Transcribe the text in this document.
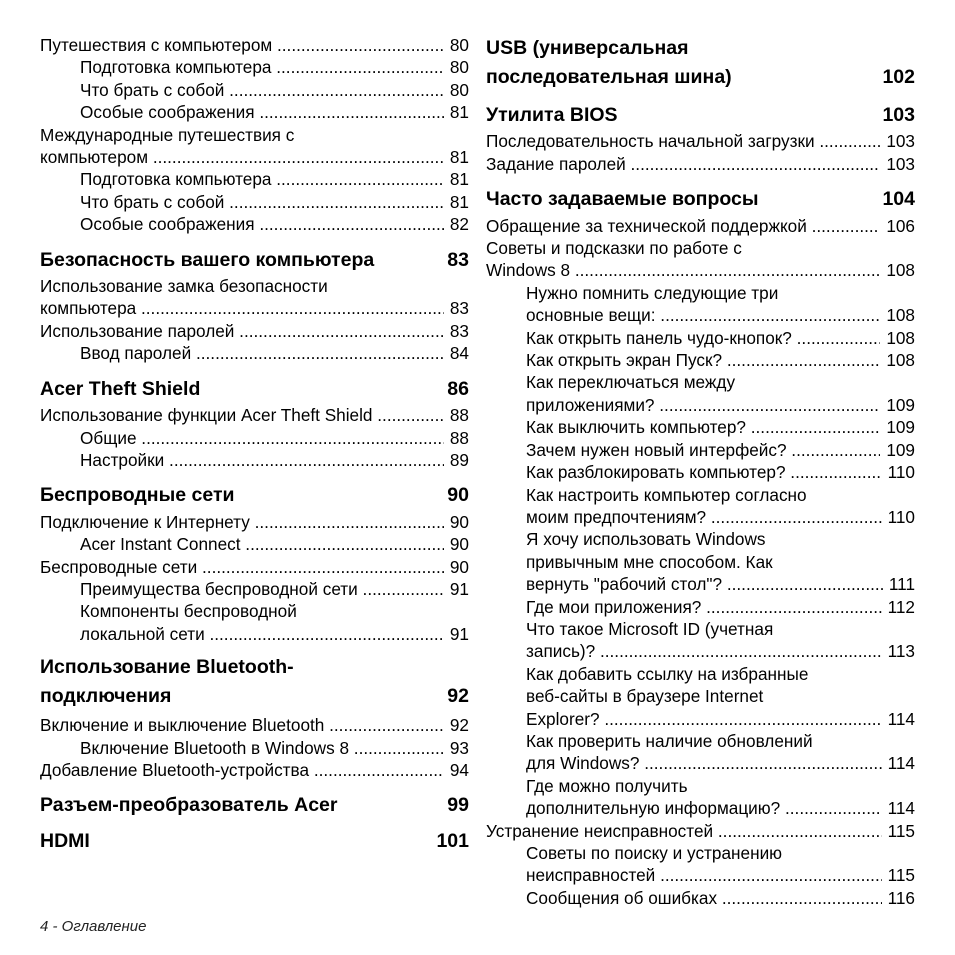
Путешествия с компьютером .....	80
Подготовка компьютера .....	80
Что брать с собой .....	80
Особые соображения .....	81
Международные путешествия с
компьютером .....	81
Подготовка компьютера .....	81
Что брать с собой .....	81
Особые соображения .....	82
Безопасность вашего компьютера	83
Использование замка безопасности
компьютера .....	83
Использование паролей .....	83
Ввод паролей .....	84
Acer Theft Shield	86
Использование функции Acer Theft Shield .....	88
Общие .....	88
Настройки .....	89
Беспроводные сети	90
Подключение к Интернету .....	90
Acer Instant Connect .....	90
Беспроводные сети .....	90
Преимущества беспроводной сети .....	91
Компоненты беспроводной
локальной сети .....	91
Использование Bluetooth-
подключения	92
Включение и выключение Bluetooth .....	92
Включение Bluetooth в Windows 8 .....	93
Добавление Bluetooth-устройства .....	94
Разъем-преобразователь Acer	99
HDMI	101
USB (универсальная
последовательная шина)	102
Утилита BIOS	103
Последовательность начальной загрузки .....	103
Задание паролей .....	103
Часто задаваемые вопросы	104
Обращение за технической поддержкой .....	106
Советы и подсказки по работе с
Windows 8 .....	108
Нужно помнить следующие три
основные вещи: .....	108
Как открыть панель чудо-кнопок? .....	108
Как открыть экран Пуск? .....	108
Как переключаться между
приложениями? .....	109
Как выключить компьютер? .....	109
Зачем нужен новый интерфейс? .....	109
Как разблокировать компьютер? .....	110
Как настроить компьютер согласно
моим предпочтениям? .....	110
Я хочу использовать Windows
привычным мне способом. Как
вернуть "рабочий стол"? .....	111
Где мои приложения? .....	112
Что такое Microsoft ID (учетная
запись)? .....	113
Как добавить ссылку на избранные
веб-сайты в браузере Internet
Explorer? .....	114
Как проверить наличие обновлений
для Windows? .....	114
Где можно получить
дополнительную информацию? .....	114
Устранение неисправностей .....	115
Советы по поиску и устранению
неисправностей .....	115
Сообщения об ошибках .....	116
4 - Оглавление
